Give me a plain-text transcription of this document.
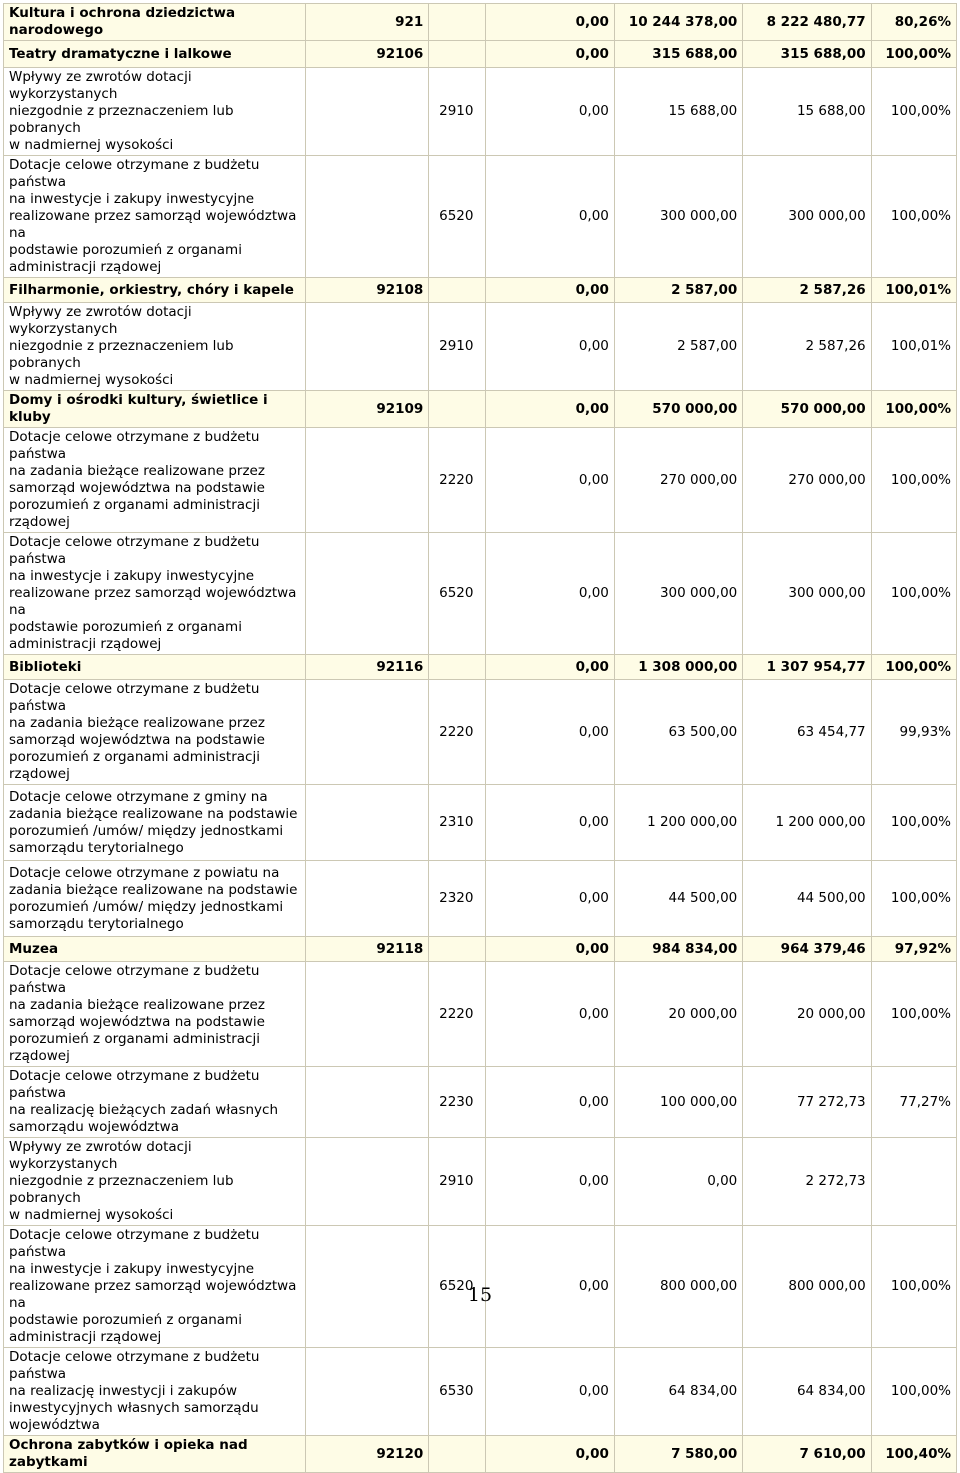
Kultura i ochrona dziedzictwa narodowego	921		0,00	10 244 378,00	8 222 480,77	80,26%
Teatry dramatyczne i lalkowe	92106		0,00	315 688,00	315 688,00	100,00%
Wpływy ze zwrotów dotacji wykorzystanych
niezgodnie z przeznaczeniem lub pobranych
w nadmiernej wysokości		2910	0,00	15 688,00	15 688,00	100,00%
Dotacje celowe otrzymane z budżetu państwa
na inwestycje i zakupy inwestycyjne
realizowane przez samorząd województwa na
podstawie porozumień z organami
administracji rządowej		6520	0,00	300 000,00	300 000,00	100,00%
Filharmonie, orkiestry, chóry i kapele	92108		0,00	2 587,00	2 587,26	100,01%
Wpływy ze zwrotów dotacji wykorzystanych
niezgodnie z przeznaczeniem lub pobranych
w nadmiernej wysokości		2910	0,00	2 587,00	2 587,26	100,01%
Domy i ośrodki kultury, świetlice i kluby	92109		0,00	570 000,00	570 000,00	100,00%
Dotacje celowe otrzymane z budżetu państwa
na zadania bieżące realizowane przez
samorząd województwa na podstawie
porozumień z organami administracji
rządowej		2220	0,00	270 000,00	270 000,00	100,00%
Dotacje celowe otrzymane z budżetu państwa
na inwestycje i zakupy inwestycyjne
realizowane przez samorząd województwa na
podstawie porozumień z organami
administracji rządowej		6520	0,00	300 000,00	300 000,00	100,00%
Biblioteki	92116		0,00	1 308 000,00	1 307 954,77	100,00%
Dotacje celowe otrzymane z budżetu państwa
na zadania bieżące realizowane przez
samorząd województwa na podstawie
porozumień z organami administracji
rządowej		2220	0,00	63 500,00	63 454,77	99,93%
Dotacje celowe otrzymane z gminy na
zadania bieżące realizowane na podstawie
porozumień /umów/ między jednostkami
samorządu terytorialnego		2310	0,00	1 200 000,00	1 200 000,00	100,00%
Dotacje celowe otrzymane z powiatu na
zadania bieżące realizowane na podstawie
porozumień /umów/ między jednostkami
samorządu terytorialnego		2320	0,00	44 500,00	44 500,00	100,00%
Muzea	92118		0,00	984 834,00	964 379,46	97,92%
Dotacje celowe otrzymane z budżetu państwa
na zadania bieżące realizowane przez
samorząd województwa na podstawie
porozumień z organami administracji
rządowej		2220	0,00	20 000,00	20 000,00	100,00%
Dotacje celowe otrzymane z budżetu państwa
na realizację bieżących zadań własnych
samorządu województwa		2230	0,00	100 000,00	77 272,73	77,27%
Wpływy ze zwrotów dotacji wykorzystanych
niezgodnie z przeznaczeniem lub pobranych
w nadmiernej wysokości		2910	0,00	0,00	2 272,73	
Dotacje celowe otrzymane z budżetu państwa
na inwestycje i zakupy inwestycyjne
realizowane przez samorząd województwa na
podstawie porozumień z organami
administracji rządowej		6520	0,00	800 000,00	800 000,00	100,00%
Dotacje celowe otrzymane z budżetu państwa
na realizację inwestycji i zakupów
inwestycyjnych własnych samorządu
województwa		6530	0,00	64 834,00	64 834,00	100,00%
Ochrona zabytków i opieka nad zabytkami	92120		0,00	7 580,00	7 610,00	100,40%
15
